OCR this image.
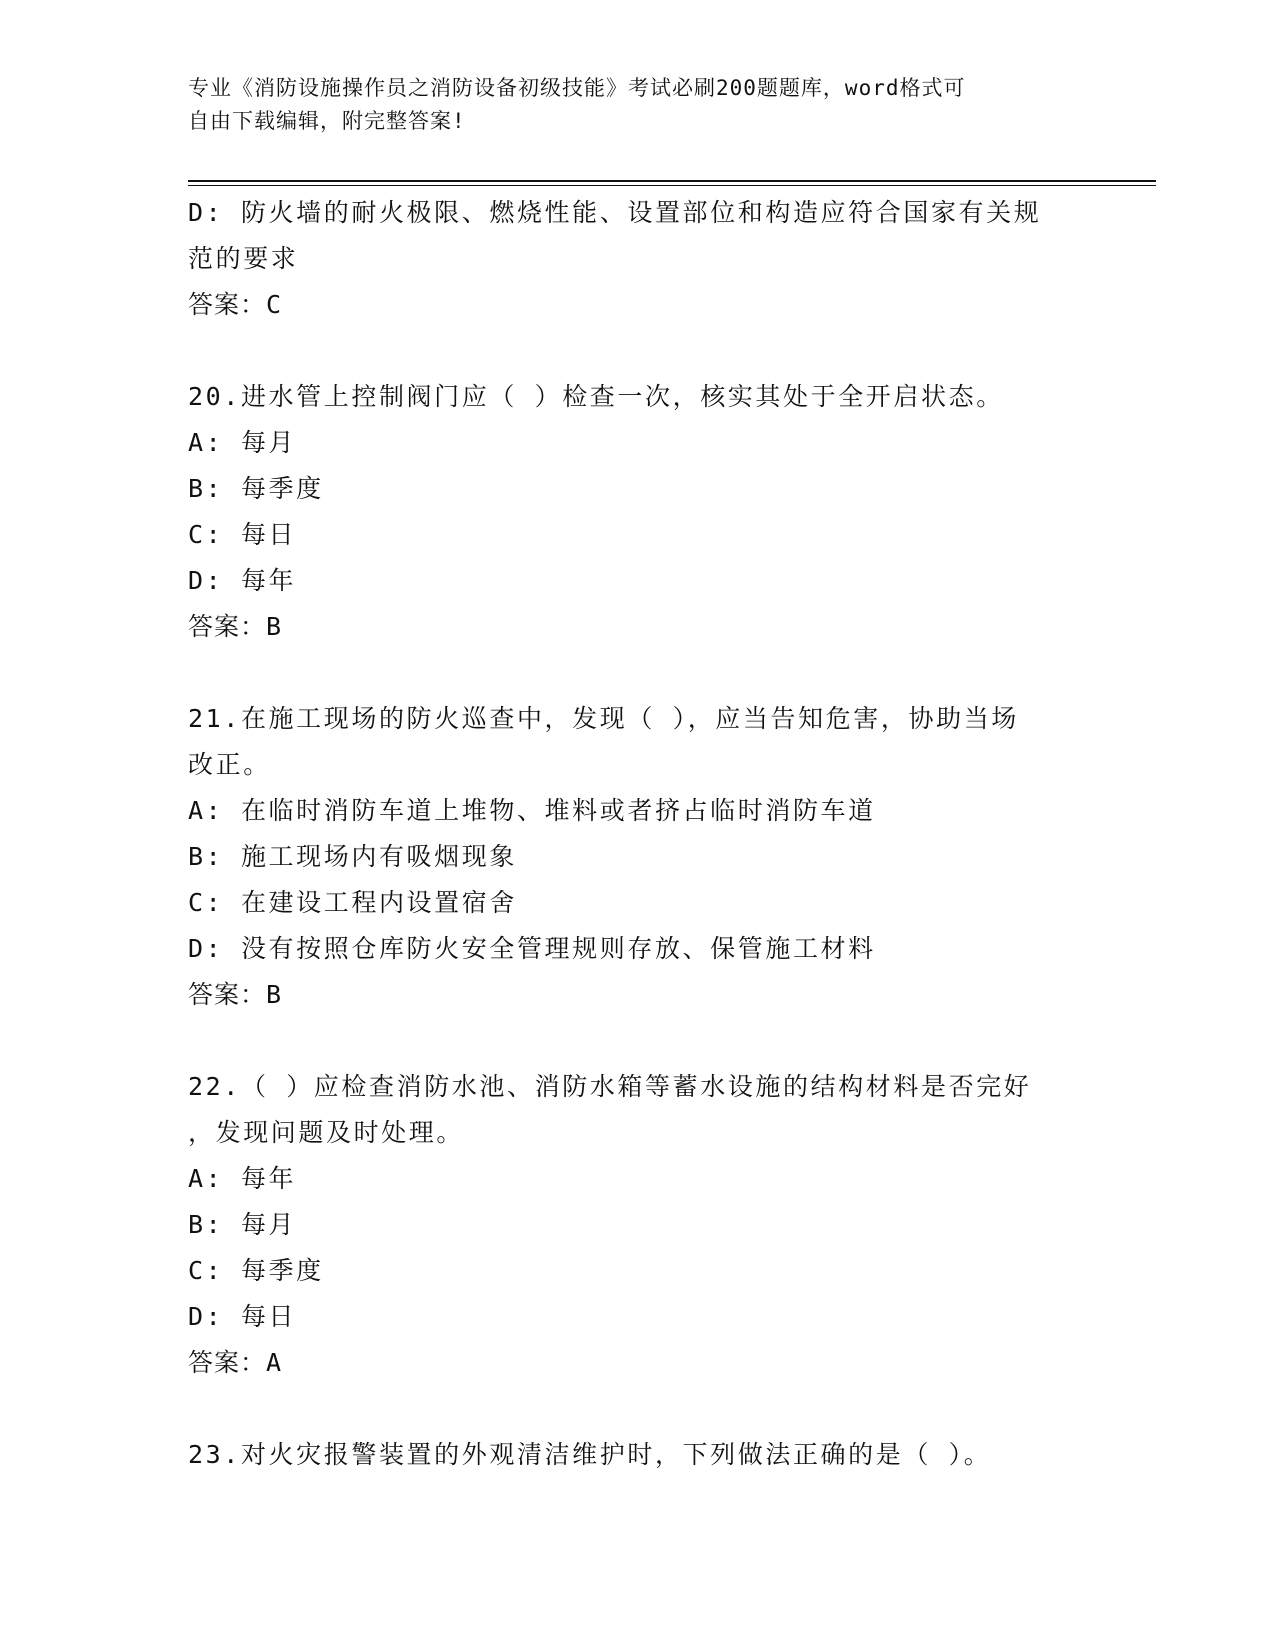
专业《消防设施操作员之消防设备初级技能》考试必刷200题题库，word格式可
自由下载编辑，附完整答案!
D: 防火墙的耐火极限、燃烧性能、设置部位和构造应符合国家有关规
范的要求
答案：C
20.进水管上控制阀门应（ ）检查一次，核实其处于全开启状态。
A: 每月
B: 每季度
C: 每日
D: 每年
答案：B
21.在施工现场的防火巡查中，发现（ ），应当告知危害，协助当场
改正。
A: 在临时消防车道上堆物、堆料或者挤占临时消防车道
B: 施工现场内有吸烟现象
C: 在建设工程内设置宿舍
D: 没有按照仓库防火安全管理规则存放、保管施工材料
答案：B
22.（ ）应检查消防水池、消防水箱等蓄水设施的结构材料是否完好
，发现问题及时处理。
A: 每年
B: 每月
C: 每季度
D: 每日
答案：A
23.对火灾报警装置的外观清洁维护时，下列做法正确的是（ ）。
